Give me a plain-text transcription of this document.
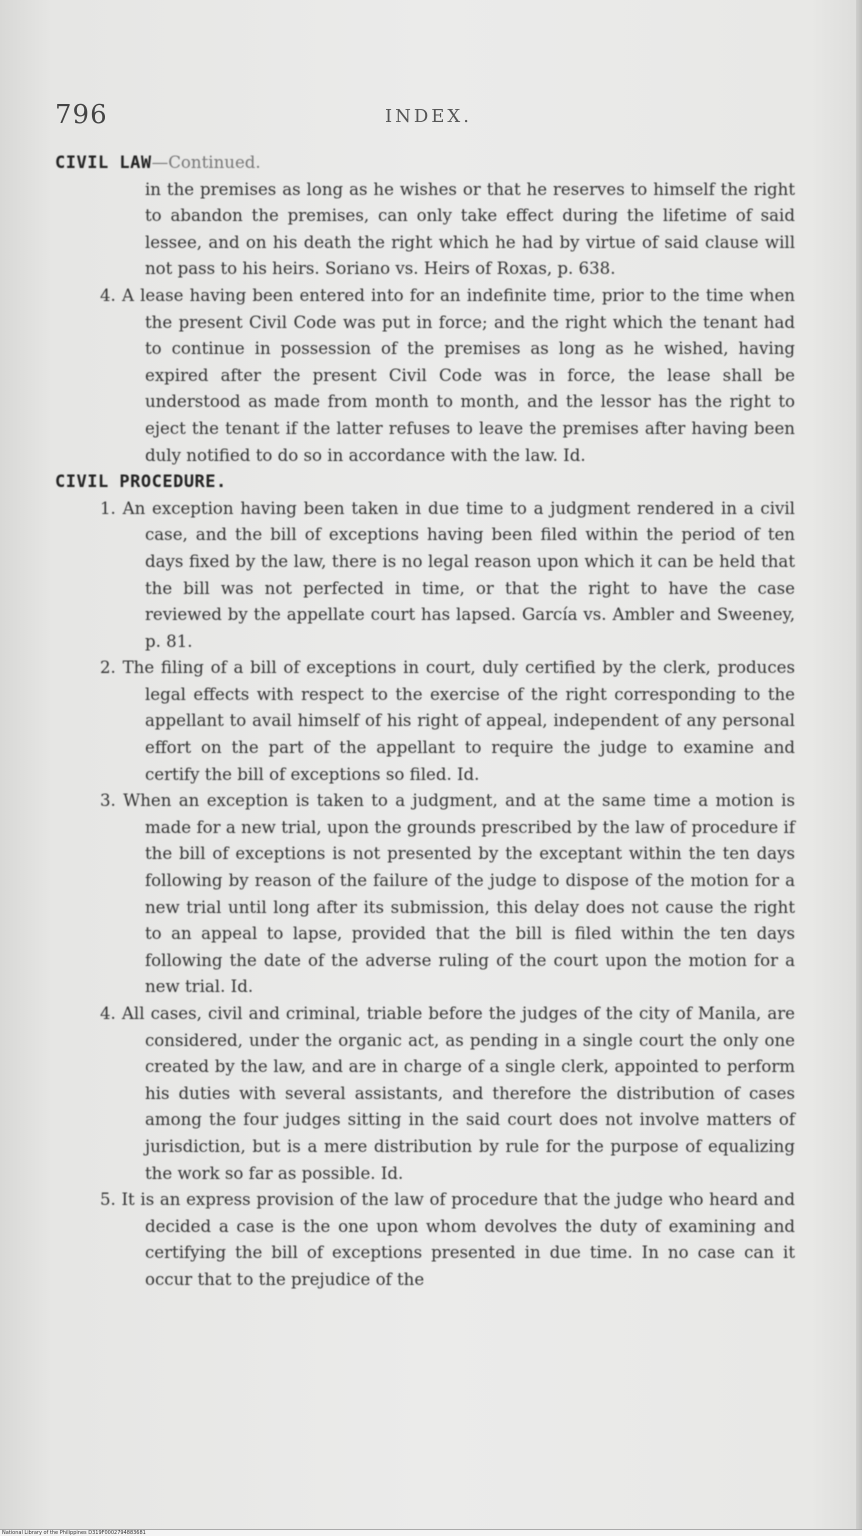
796	INDEX.
CIVIL LAW—Continued.
in the premises as long as he wishes or that he reserves to himself the right to abandon the premises, can only take effect during the lifetime of said lessee, and on his death the right which he had by virtue of said clause will not pass to his heirs. Soriano vs. Heirs of Roxas, p. 638.
4. A lease having been entered into for an indefinite time, prior to the time when the present Civil Code was put in force; and the right which the tenant had to continue in possession of the premises as long as he wished, having expired after the present Civil Code was in force, the lease shall be understood as made from month to month, and the lessor has the right to eject the tenant if the latter refuses to leave the premises after having been duly notified to do so in accordance with the law. Id.
CIVIL PROCEDURE.
1. An exception having been taken in due time to a judgment rendered in a civil case, and the bill of exceptions having been filed within the period of ten days fixed by the law, there is no legal reason upon which it can be held that the bill was not perfected in time, or that the right to have the case reviewed by the appellate court has lapsed. García vs. Ambler and Sweeney, p. 81.
2. The filing of a bill of exceptions in court, duly certified by the clerk, produces legal effects with respect to the exercise of the right corresponding to the appellant to avail himself of his right of appeal, independent of any personal effort on the part of the appellant to require the judge to examine and certify the bill of exceptions so filed. Id.
3. When an exception is taken to a judgment, and at the same time a motion is made for a new trial, upon the grounds prescribed by the law of procedure if the bill of exceptions is not presented by the exceptant within the ten days following by reason of the failure of the judge to dispose of the motion for a new trial until long after its submission, this delay does not cause the right to an appeal to lapse, provided that the bill is filed within the ten days following the date of the adverse ruling of the court upon the motion for a new trial. Id.
4. All cases, civil and criminal, triable before the judges of the city of Manila, are considered, under the organic act, as pending in a single court the only one created by the law, and are in charge of a single clerk, appointed to perform his duties with several assistants, and therefore the distribution of cases among the four judges sitting in the said court does not involve matters of jurisdiction, but is a mere distribution by rule for the purpose of equalizing the work so far as possible. Id.
5. It is an express provision of the law of procedure that the judge who heard and decided a case is the one upon whom devolves the duty of examining and certifying the bill of exceptions presented in due time. In no case can it occur that to the prejudice of the
National Library of the Philippines D319F0002794883681
